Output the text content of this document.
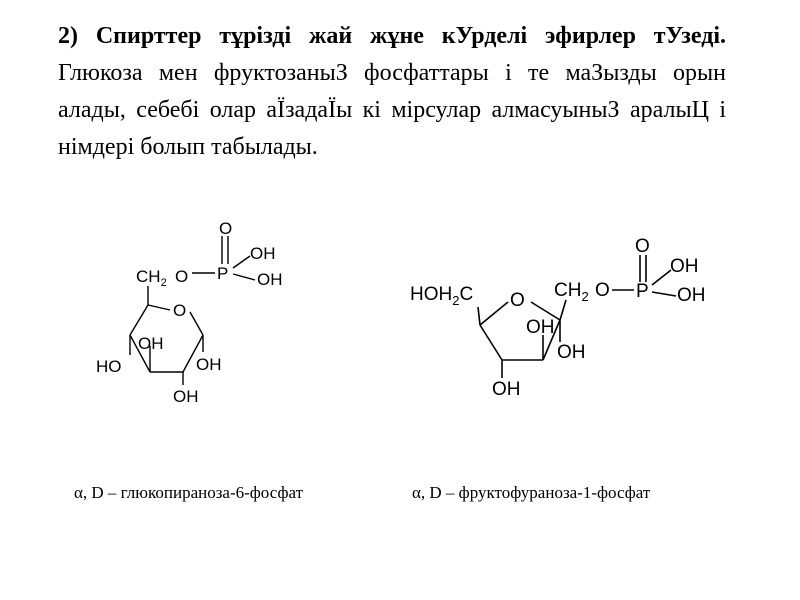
2) Спирттер тұрізді жай жұне кУрделі эфирлер тУзеді. Глюкоза мен фруктозаныЗ фосфаттары і те маЗызды орын алады, себебі олар аЇзадаЇы кі мірсулар алмасуыныЗ аралыЦ і німдері болып табылады.

O
OH
OH
P
$CH_2$ O
O
OH
HO	OH
OH
O
OH
OH
P
$HOH_2C$ O $CH_2$ O
OH
OH
OH
α, D – глюкопираноза-6-фосфат	α, D – фруктофураноза-1-фосфат
